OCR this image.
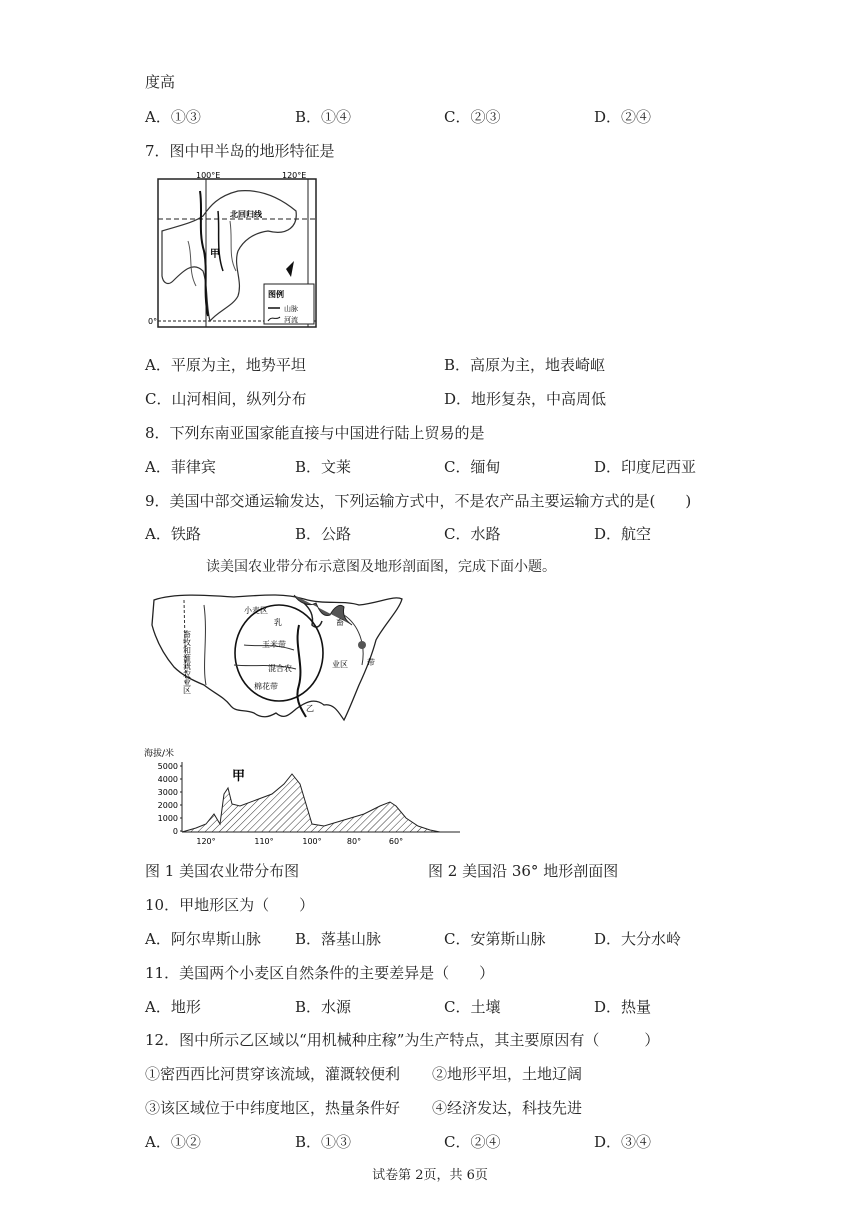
度高
A．①③	B．①④	C．②③	D．②④
7．图中甲半岛的地形特征是
图例
山脉
河流
100°E	120°E
0°
北回归线
甲
A．平原为主，地势平坦	B．高原为主，地表崎岖
C．山河相间，纵列分布	D．地形复杂，中高周低
8．下列东南亚国家能直接与中国进行陆上贸易的是
A．菲律宾	B．文莱	C．缅甸	D．印度尼西亚
9．美国中部交通运输发达，下列运输方式中，不是农产品主要运输方式的是(　　)
A．铁路	B．公路	C．水路	D．航空
读美国农业带分布示意图及地形剖面图，完成下面小题。
畜牧和灌溉农业区
小麦区
乳	畜
带
业区
玉米带
混合农
棉花带
乙
海拔/米
5000
4000
3000
2000
1000
0
120°	110°	100°	80°	60°
甲
图 1 美国农业带分布图	图 2 美国沿 36° 地形剖面图
10．甲地形区为（　　）
A．阿尔卑斯山脉 B．落基山脉	C．安第斯山脉	D．大分水岭
11．美国两个小麦区自然条件的主要差异是（　　）
A．地形	B．水源	C．土壤	D．热量
12．图中所示乙区域以“用机械种庄稼”为生产特点，其主要原因有（　　　）
①密西西比河贯穿该流域，灌溉较便利 ②地形平坦，土地辽阔
③该区域位于中纬度地区，热量条件好 ④经济发达，科技先进
A．①②	B．①③	C．②④	D．③④
试卷第 2页，共 6页
